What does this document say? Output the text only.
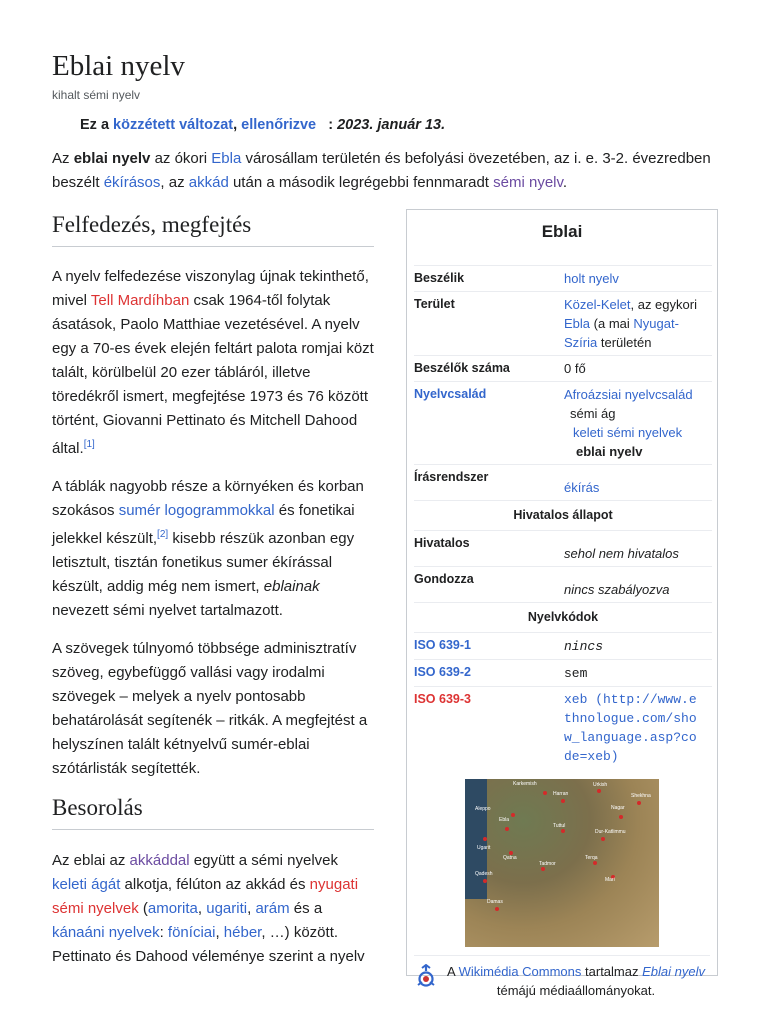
Eblai nyelv
kihalt sémi nyelv
Ez a közzétett változat, ellenőrizve : 2023. január 13.

Az eblai nyelv az ókori Ebla városállam területén és befolyási övezetében, az i. e. 3-2. évezredben beszélt ékírásos, az akkád után a második legrégebbi fennmaradt sémi nyelv.

Felfedezés, megfejtés

A nyelv felfedezése viszonylag újnak tekinthető, mivel Tell Mardíhban csak 1964-től folytak ásatások, Paolo Matthiae vezetésével. A nyelv egy a 70-es évek elején feltárt palota romjai közt talált, körülbelül 20 ezer tábláról, illetve töredékről ismert, megfejtése 1973 és 76 között történt, Giovanni Pettinato és Mitchell Dahood által.[1]

A táblák nagyobb része a környéken és korban szokásos sumér logogrammokkal és fonetikai jelekkel készült,[2] kisebb részük azonban egy letisztult, tisztán fonetikus sumer ékírással készült, addig még nem ismert, eblainak nevezett sémi nyelvet tartalmazott.

A szövegek túlnyomó többsége adminisztratív szöveg, egybefüggő vallási vagy irodalmi szövegek – melyek a nyelv pontosabb behatárolását segítenék – ritkák. A megfejtést a helyszínen talált kétnyelvű sumér-eblai szótárlisták segítették.

Besorolás

Az eblai az akkáddal együtt a sémi nyelvek keleti ágát alkotja, félúton az akkád és nyugati sémi nyelvek (amorita, ugariti, arám és a kánaáni nyelvek: föníciai, héber, …) között. Pettinato és Dahood véleménye szerint a nyelv

Eblai
Beszélik	holt nyelv
Terület	Közel-Kelet, az egykori Ebla (a mai Nyugat-Szíria területén
Beszélők száma	0 fő
Nyelvcsalád	Afroázsiai nyelvcsalád
sémi ág
keleti sémi nyelvek
eblai nyelv

Írásrendszer	ékírás
Hivatalos állapot	
Hivatalos	sehol nem hivatalos
Gondozza	nincs szabályozva
Nyelvkódok	
ISO 639-1	nincs
ISO 639-2	sem
ISO 639-3	xeb (http://www.e
thnologue.com/sho
w_language.asp?co
de=xeb)
Karkemish	Urkish
Harran	Shekhna
Aleppo
Ebla
Nagar
Tuttul
Dur-Katlimmu
Ugarit
Qatna
Tadmor
Terqa
Mari
Qadesh
Damas
A Wikimédia Commons tartalmaz Eblai nyelv témájú médiaállományokat.
